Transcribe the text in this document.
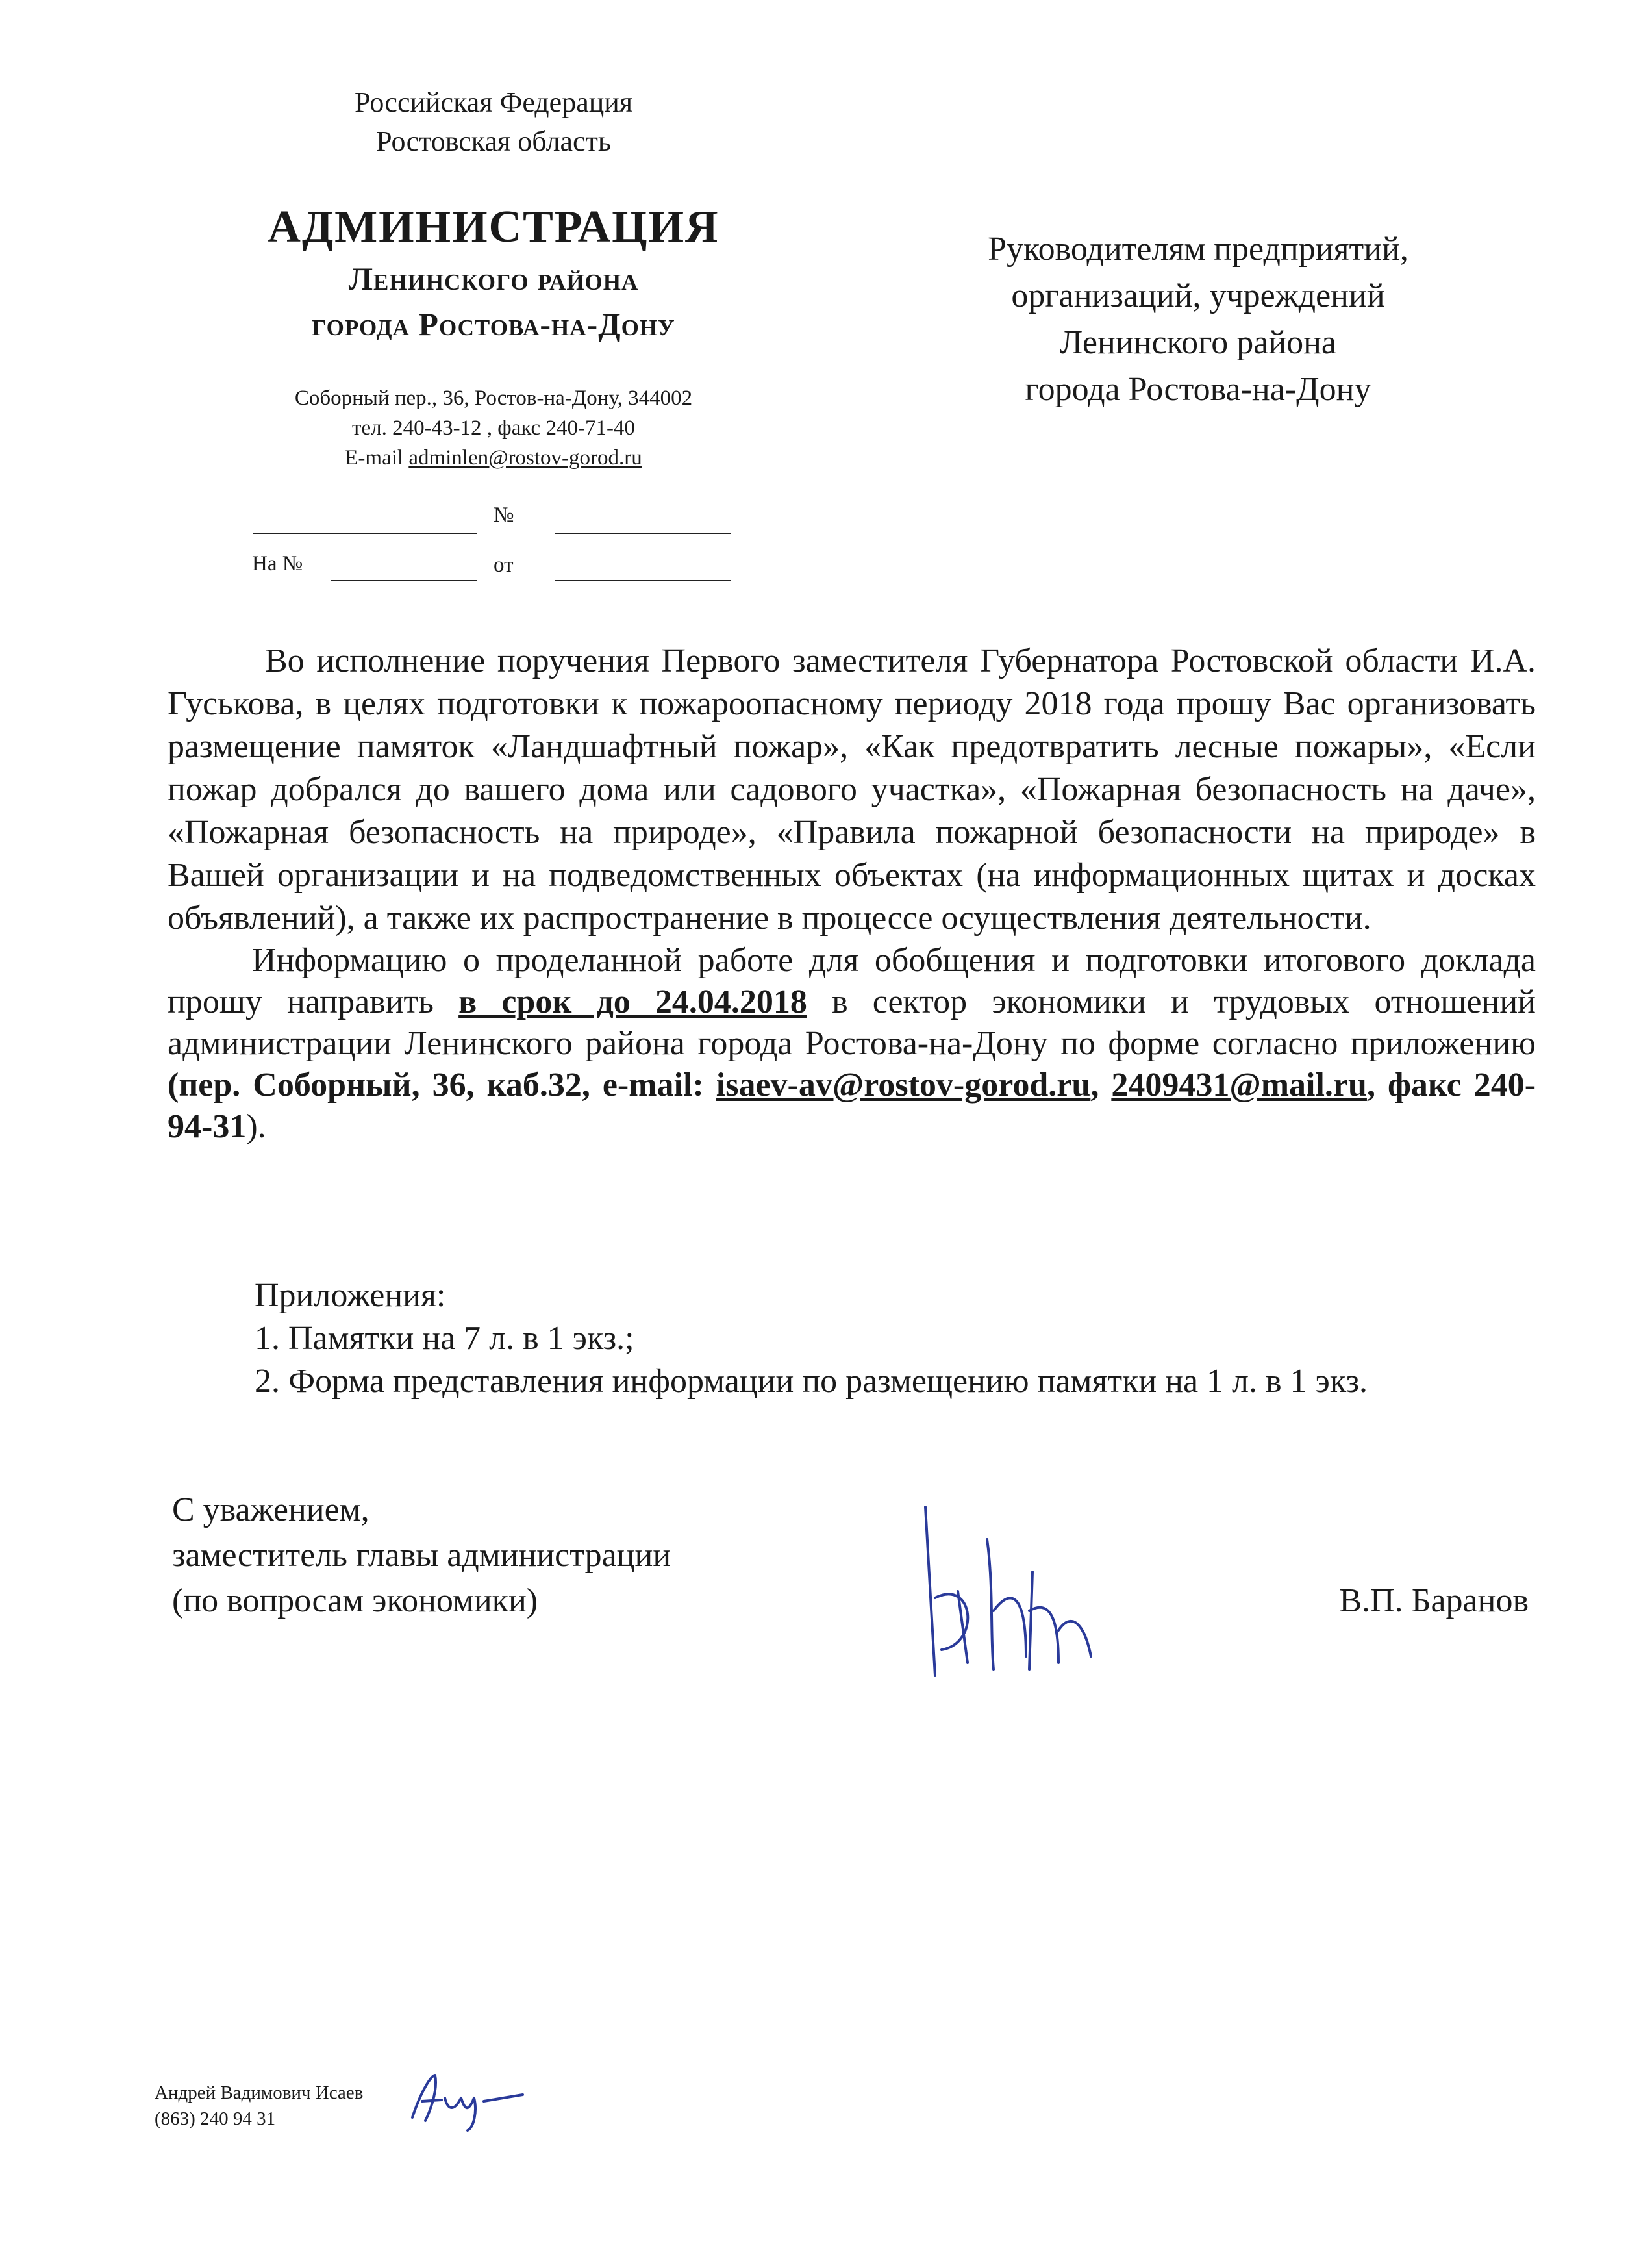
Российская Федерация
Ростовская область
АДМИНИСТРАЦИЯ
Ленинского района
города Ростова-на-Дону
Соборный пер., 36, Ростов-на-Дону, 344002
тел. 240-43-12 , факс 240-71-40
E-mail adminlen@rostov-gorod.ru
№
На №	от
Руководителям предприятий,
организаций, учреждений
Ленинского района
города Ростова-на-Дону

Во исполнение поручения Первого заместителя Губернатора Ростовской области И.А. Гуськова, в целях подготовки к пожароопасному периоду 2018 года прошу Вас организовать размещение памяток «Ландшафтный пожар», «Как предотвратить лесные пожары», «Если пожар добрался до вашего дома или садового участка», «Пожарная безопасность на даче», «Пожарная безопасность на природе», «Правила пожарной безопасности на природе» в Вашей организации и на подведомственных объектах (на информационных щитах и досках объявлений), а также их распространение в процессе осуществления деятельности.

Информацию о проделанной работе для обобщения и подготовки итогового доклада прошу направить в срок до 24.04.2018 в сектор экономики и трудовых отношений администрации Ленинского района города Ростова-на-Дону по форме согласно приложению (пер. Соборный, 36, каб.32, e-mail: isaev-av@rostov-gorod.ru, 2409431@mail.ru, факс 240-94-31).

Приложения:
1. Памятки на 7 л. в 1 экз.;
2. Форма представления информации по размещению памятки на 1 л. в 1 экз.
С уважением,
заместитель главы администрации
(по вопросам экономики)	В.П. Баранов
Андрей Вадимович Исаев
(863) 240 94 31
